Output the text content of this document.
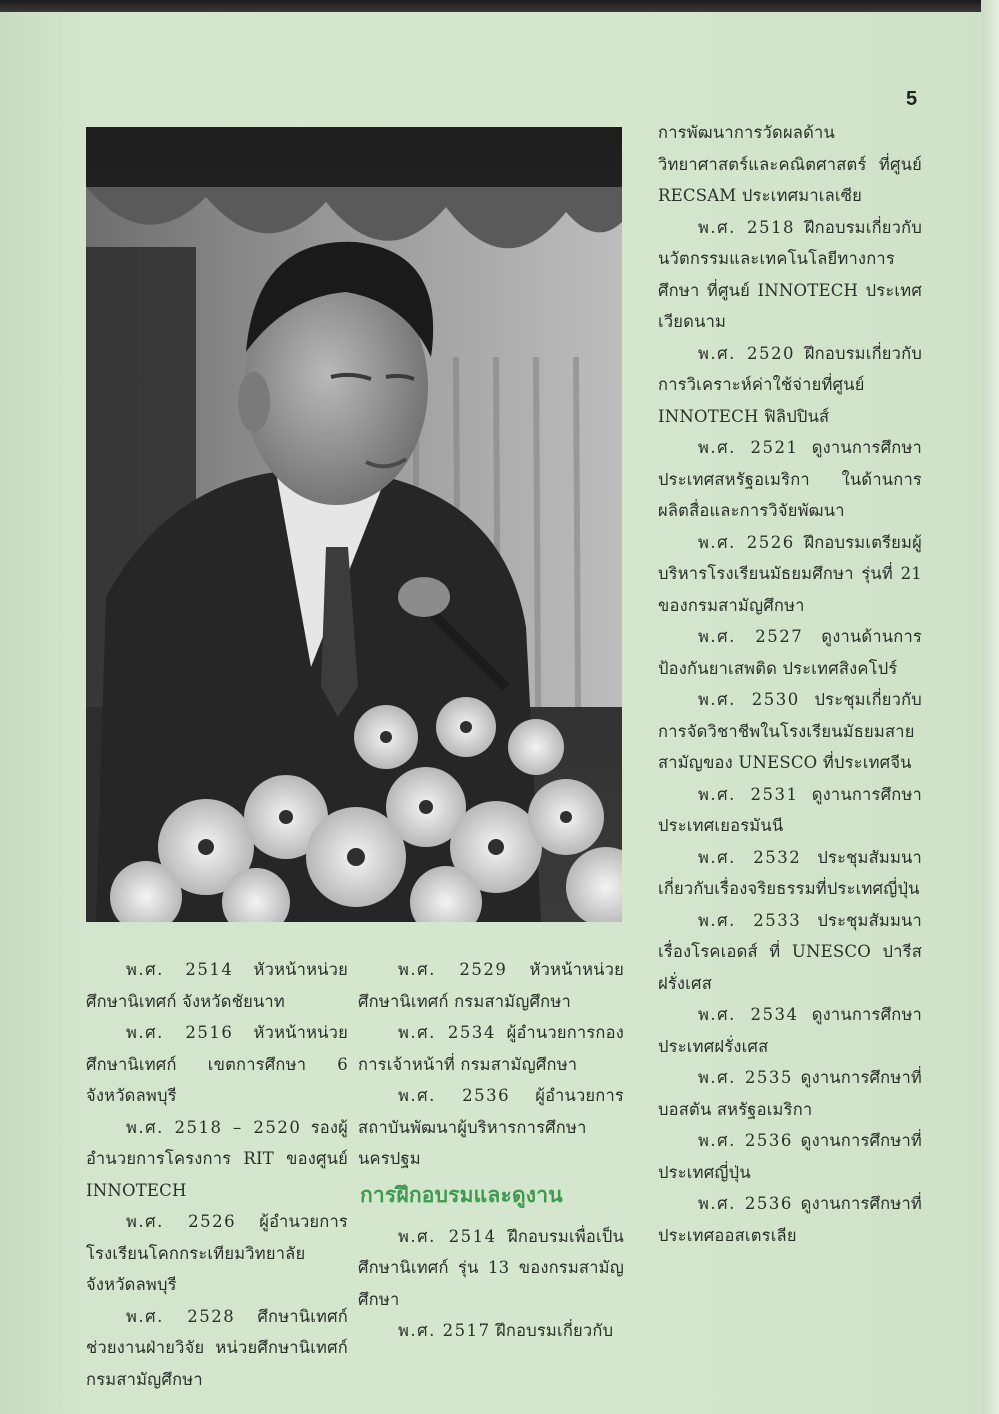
5

การพัฒนาการวัดผลด้านวิทยาศาสตร์และคณิตศาสตร์ ที่ศูนย์ RECSAM ประเทศมาเลเซีย

พ.ศ. 2518 ฝึกอบรมเกี่ยวกับนวัตกรรมและเทคโนโลยีทางการศึกษา ที่ศูนย์ INNOTECH ประเทศเวียดนาม

พ.ศ. 2520 ฝึกอบรมเกี่ยวกับการวิเคราะห์ค่าใช้จ่ายที่ศูนย์ INNOTECH ฟิลิปปินส์

พ.ศ. 2521 ดูงานการศึกษา ประเทศสหรัฐอเมริกา ในด้านการผลิตสื่อและการวิจัยพัฒนา

พ.ศ. 2526 ฝึกอบรมเตรียมผู้บริหารโรงเรียนมัธยมศึกษา รุ่นที่ 21 ของกรมสามัญศึกษา

พ.ศ. 2527 ดูงานด้านการป้องกันยาเสพติด ประเทศสิงคโปร์

พ.ศ. 2530 ประชุมเกี่ยวกับการจัดวิชาชีพในโรงเรียนมัธยมสายสามัญของ UNESCO ที่ประเทศจีน

พ.ศ. 2531 ดูงานการศึกษา ประเทศเยอรมันนี

พ.ศ. 2532 ประชุมสัมมนาเกี่ยวกับเรื่องจริยธรรมที่ประเทศญี่ปุ่น

พ.ศ. 2533 ประชุมสัมมนาเรื่องโรคเอดส์ ที่ UNESCO ปารีส ฝรั่งเศส

พ.ศ. 2534 ดูงานการศึกษา ประเทศฝรั่งเศส

พ.ศ. 2535 ดูงานการศึกษาที่ บอสตัน สหรัฐอเมริกา

พ.ศ. 2536 ดูงานการศึกษาที่ ประเทศญี่ปุ่น

พ.ศ. 2536 ดูงานการศึกษาที่ ประเทศออสเตรเลีย

พ.ศ. 2514 หัวหน้าหน่วยศึกษานิเทศก์ จังหวัดชัยนาท

พ.ศ. 2516 หัวหน้าหน่วยศึกษานิเทศก์ เขตการศึกษา 6 จังหวัดลพบุรี

พ.ศ. 2518 – 2520 รองผู้อำนวยการโครงการ RIT ของศูนย์ INNOTECH

พ.ศ. 2526 ผู้อำนวยการโรงเรียนโคกกระเทียมวิทยาลัย จังหวัดลพบุรี

พ.ศ. 2528 ศึกษานิเทศก์ ช่วยงานฝ่ายวิจัย หน่วยศึกษานิเทศก์ กรมสามัญศึกษา

พ.ศ. 2529 หัวหน้าหน่วยศึกษานิเทศก์ กรมสามัญศึกษา

พ.ศ. 2534 ผู้อำนวยการกองการเจ้าหน้าที่ กรมสามัญศึกษา

พ.ศ. 2536 ผู้อำนวยการสถาบันพัฒนาผู้บริหารการศึกษา นครปฐม

การฝึกอบรมและดูงาน

พ.ศ. 2514 ฝึกอบรมเพื่อเป็นศึกษานิเทศก์ รุ่น 13 ของกรมสามัญศึกษา

พ.ศ. 2517 ฝึกอบรมเกี่ยวกับ
